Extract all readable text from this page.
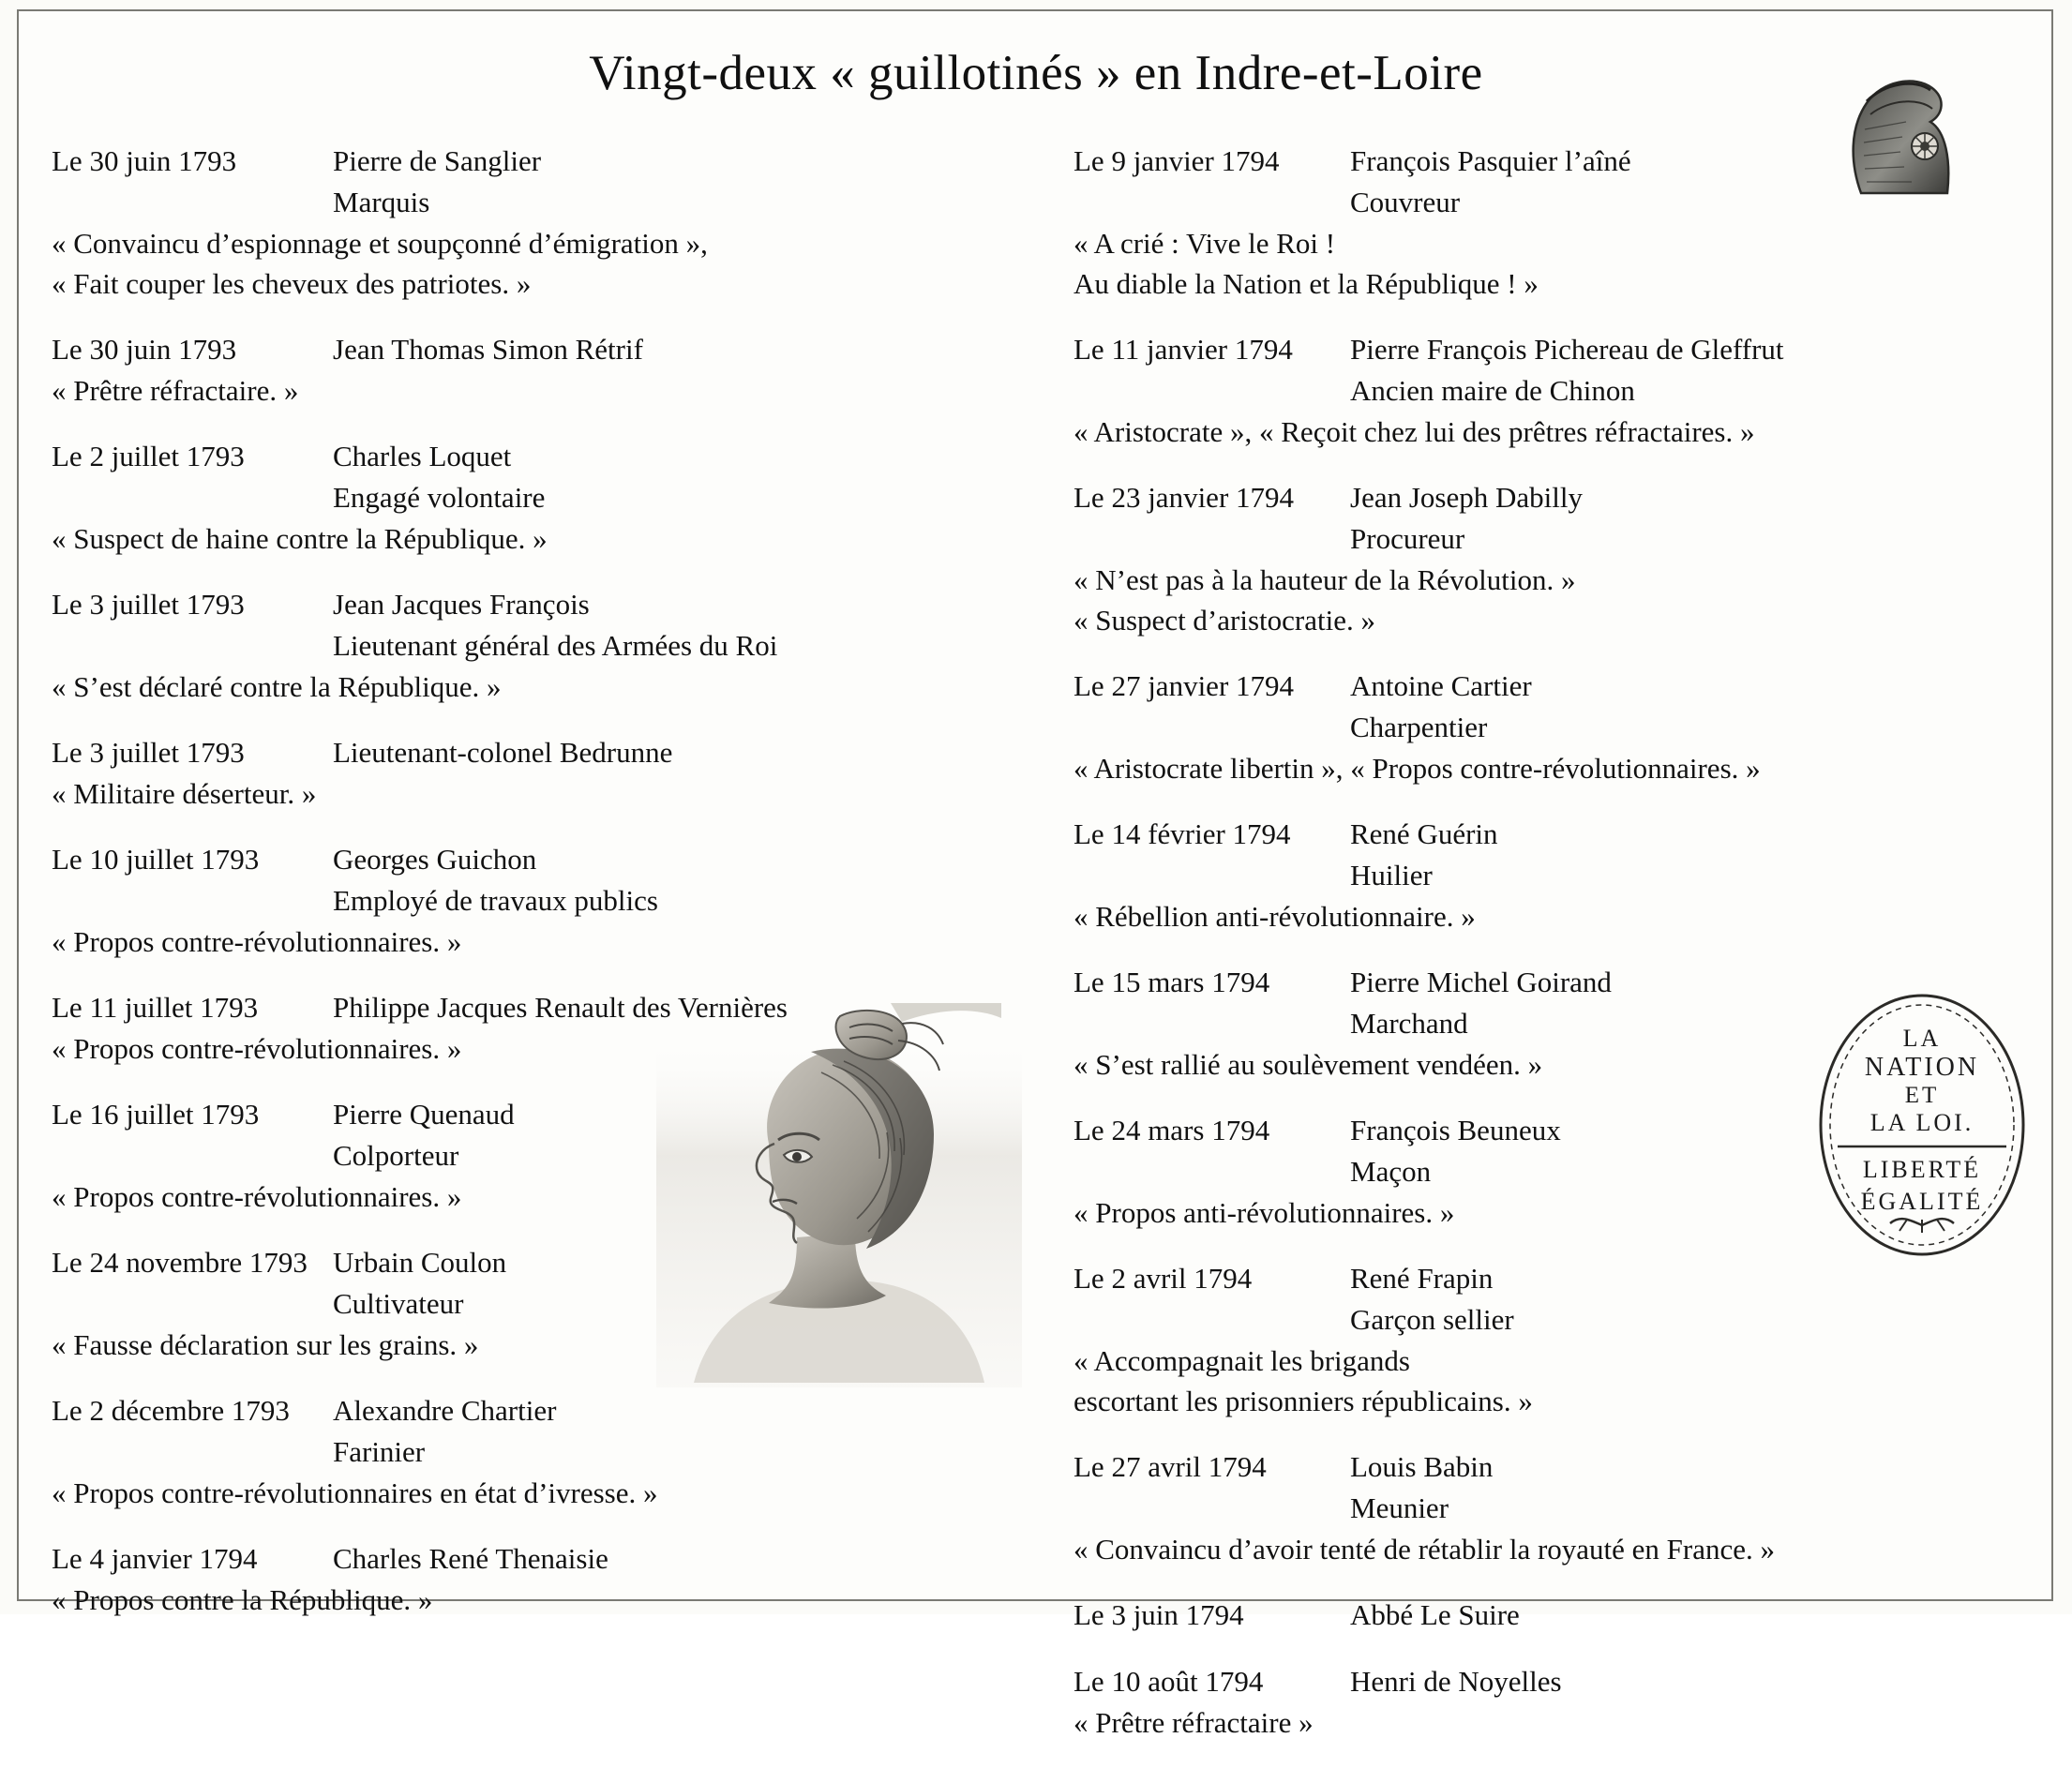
Vingt-deux « guillotinés » en Indre-et-Loire
Le 30 juin 1793	Pierre de Sanglier
Marquis
« Convaincu d’espionnage et soupçonné d’émigration »,
« Fait couper les cheveux des patriotes. »
Le 30 juin 1793	Jean Thomas Simon Rétrif
« Prêtre réfractaire. »
Le 2 juillet 1793	Charles Loquet
Engagé volontaire
« Suspect de haine contre la République. »
Le 3 juillet 1793	Jean Jacques François
Lieutenant général des Armées du Roi
« S’est déclaré contre la République. »
Le 3 juillet 1793	Lieutenant-colonel Bedrunne
« Militaire déserteur. »
Le 10 juillet 1793	Georges Guichon
Employé de travaux publics
« Propos contre-révolutionnaires. »
Le 11 juillet 1793	Philippe Jacques Renault des Vernières
« Propos contre-révolutionnaires. »
Le 16 juillet 1793	Pierre Quenaud
Colporteur
« Propos contre-révolutionnaires. »
Le 24 novembre 1793 Urbain Coulon
Cultivateur
« Fausse déclaration sur les grains. »
Le 2 décembre 1793	Alexandre Chartier
Farinier
« Propos contre-révolutionnaires en état d’ivresse. »
Le 4 janvier 1794	Charles René Thenaisie
« Propos contre la République. »
Le 9 janvier 1794	François Pasquier l’aîné
Couvreur
« A crié : Vive le Roi !
Au diable la Nation et la République ! »
Le 11 janvier 1794	Pierre François Pichereau de Gleffrut
Ancien maire de Chinon
« Aristocrate », « Reçoit chez lui des prêtres réfractaires. »
Le 23 janvier 1794	Jean Joseph Dabilly
Procureur
« N’est pas à la hauteur de la Révolution. »
« Suspect d’aristocratie. »
Le 27 janvier 1794	Antoine Cartier
Charpentier
« Aristocrate libertin », « Propos contre-révolutionnaires. »
Le 14 février 1794	René Guérin
Huilier
« Rébellion anti-révolutionnaire. »
Le 15 mars 1794	Pierre Michel Goirand
Marchand
« S’est rallié au soulèvement vendéen. »
Le 24 mars 1794	François Beuneux
Maçon
« Propos anti-révolutionnaires. »
Le 2 avril 1794	René Frapin
Garçon sellier
« Accompagnait les brigands
escortant les prisonniers républicains. »
Le 27 avril 1794	Louis Babin
Meunier
« Convaincu d’avoir tenté de rétablir la royauté en France. »
Le 3 juin 1794	Abbé Le Suire
Le 10 août 1794	Henri de Noyelles
« Prêtre réfractaire »
LA
NATION
ET
LA LOI.
LIBERTÉ
ÉGALITÉ
